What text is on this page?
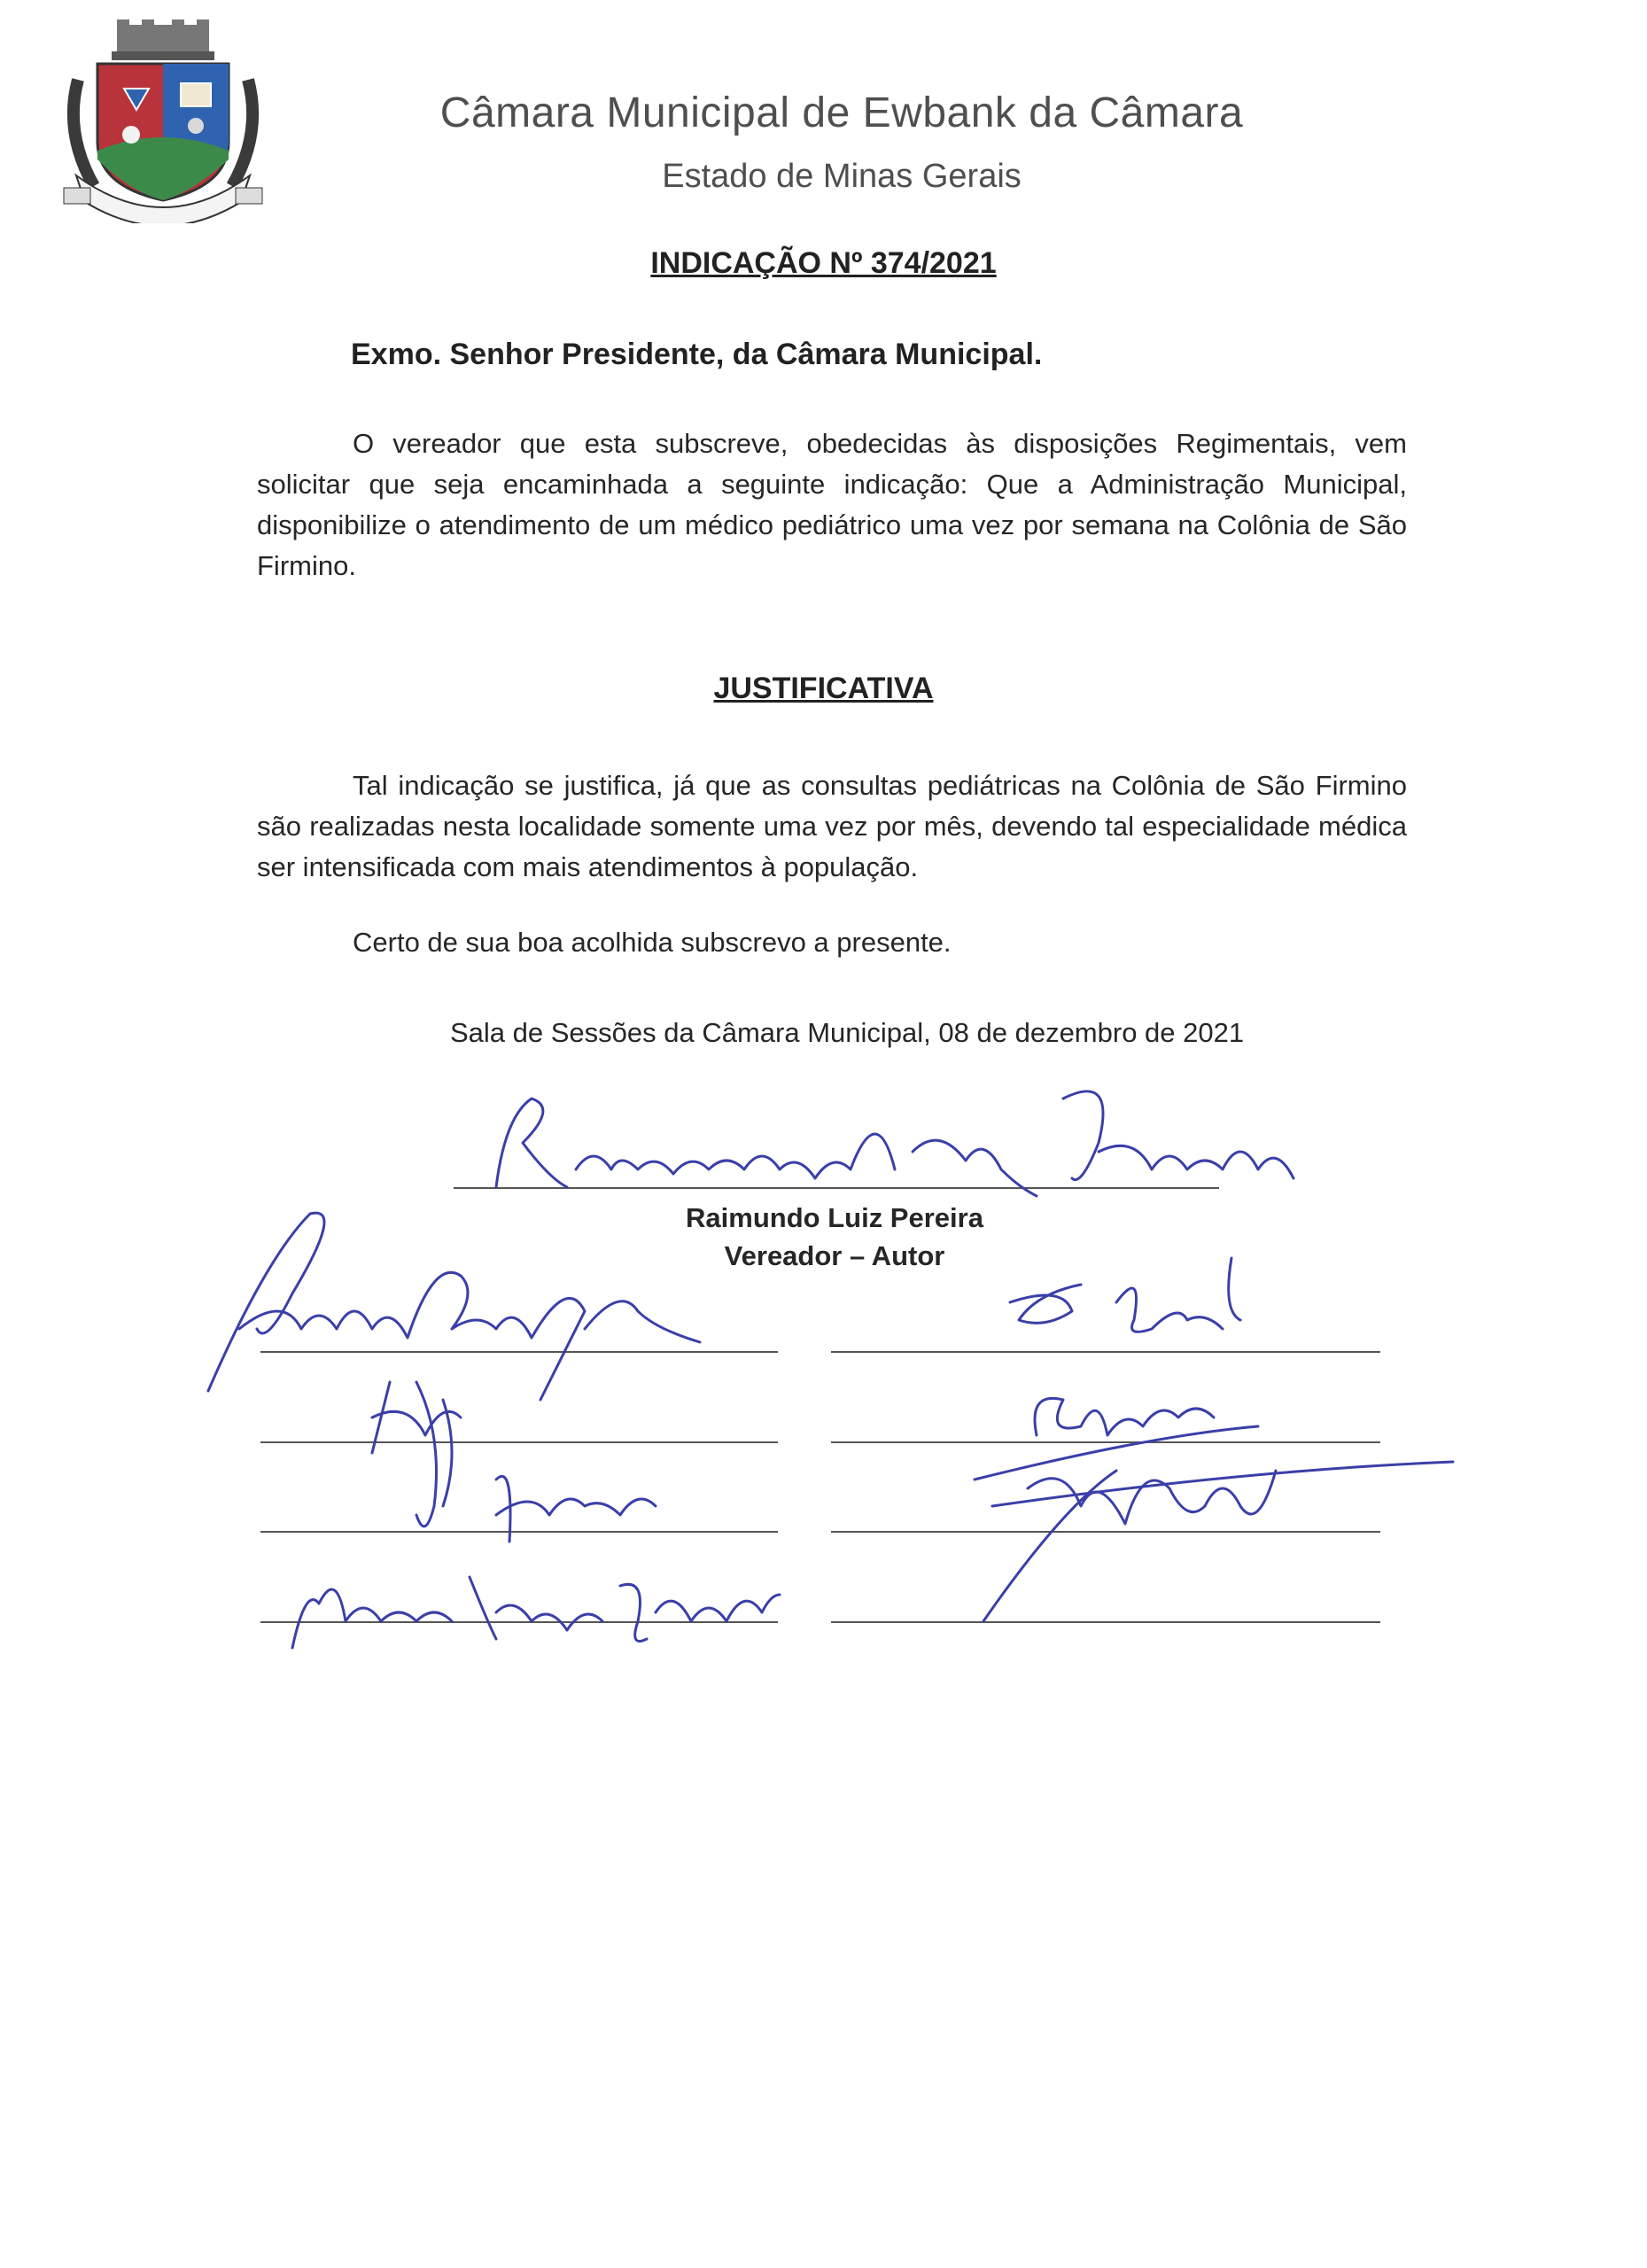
Câmara Municipal de Ewbank da Câmara
Estado de Minas Gerais
INDICAÇÃO Nº 374/2021
Exmo. Senhor Presidente, da Câmara Municipal.

O vereador que esta subscreve, obedecidas às disposições Regimentais, vem solicitar que seja encaminhada a seguinte indicação: Que a Administração Municipal, disponibilize o atendimento de um médico pediátrico uma vez por semana na Colônia de São Firmino.

JUSTIFICATIVA

Tal indicação se justifica, já que as consultas pediátricas na Colônia de São Firmino são realizadas nesta localidade somente uma vez por mês, devendo tal especialidade médica ser intensificada com mais atendimentos à população.

Certo de sua boa acolhida subscrevo a presente.
Sala de Sessões da Câmara Municipal, 08 de dezembro de 2021
Raimundo Luiz Pereira
Vereador – Autor
